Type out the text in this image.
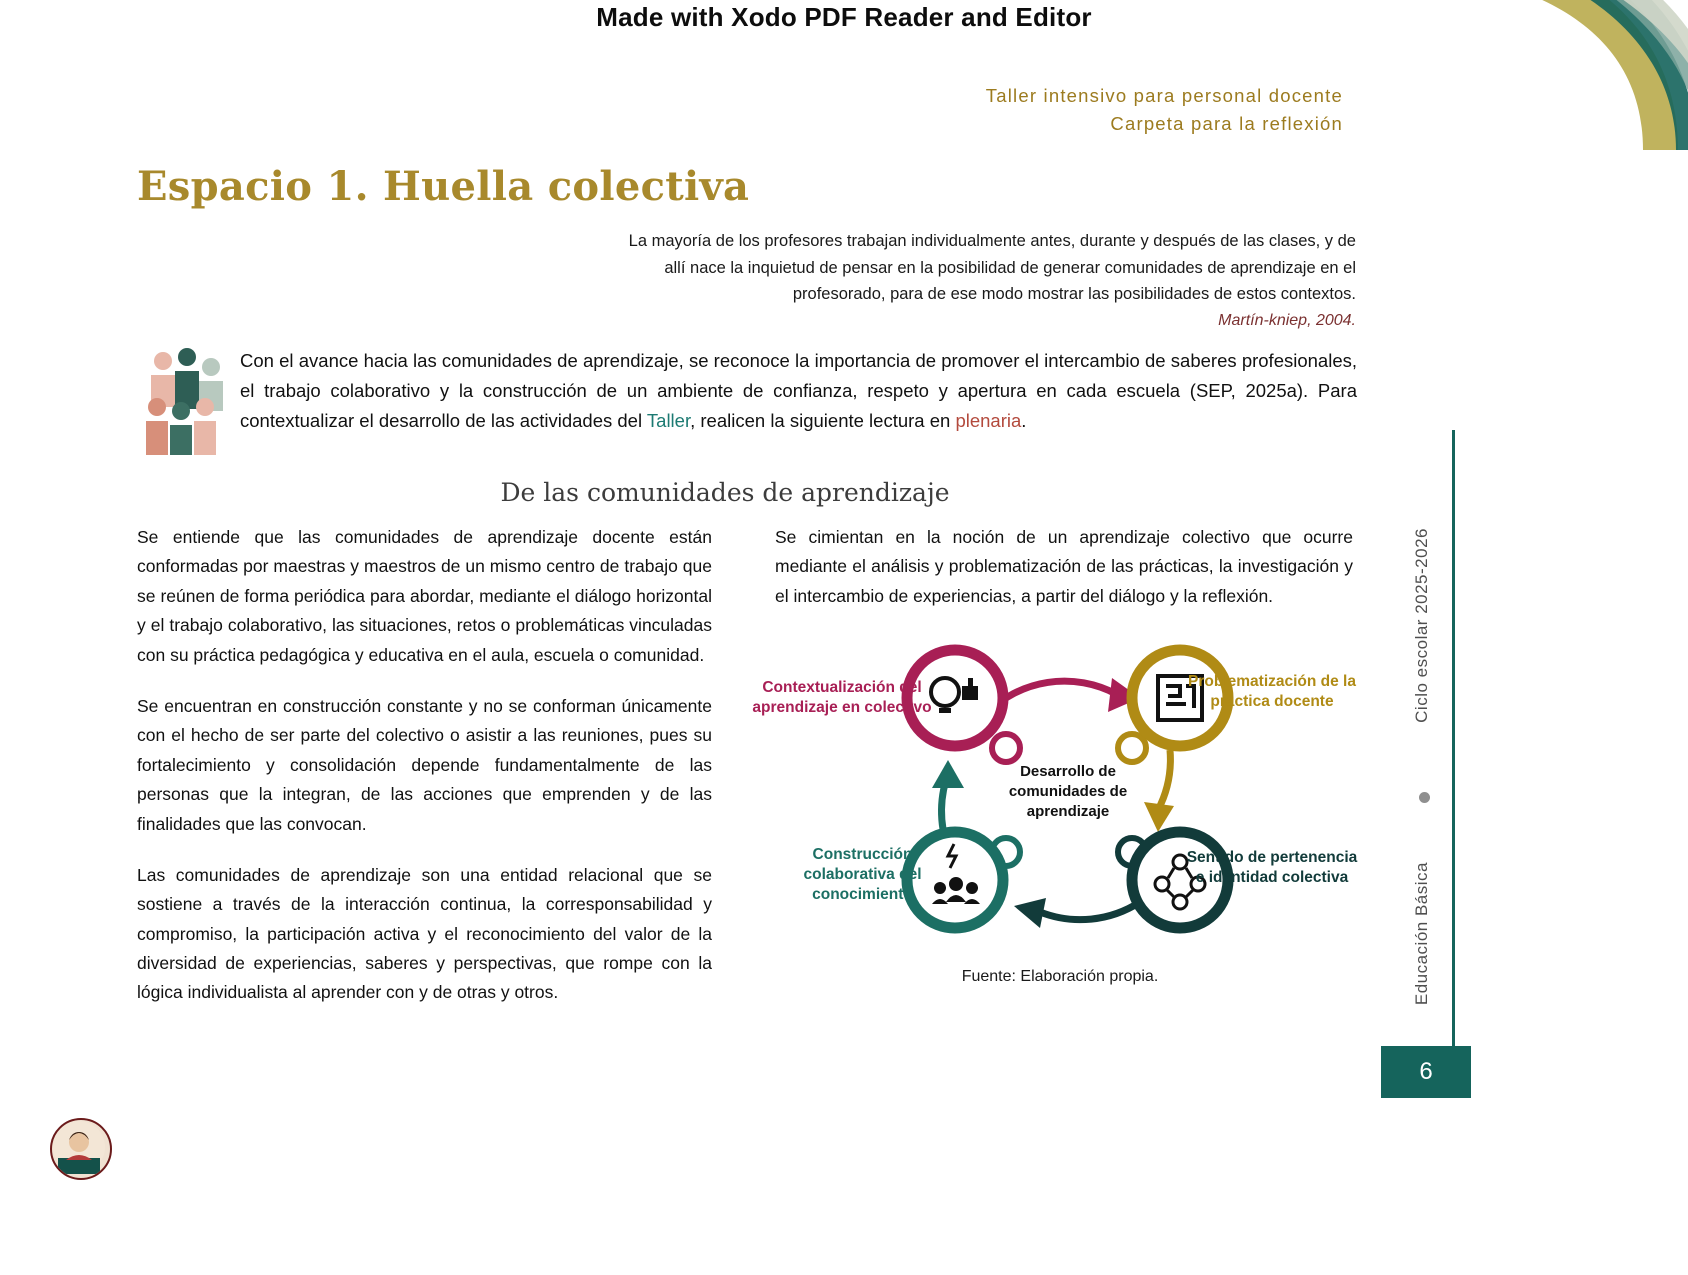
Made with Xodo PDF Reader and Editor
Taller intensivo para personal docente
Carpeta para la reflexión
Espacio 1. Huella colectiva
La mayoría de los profesores trabajan individualmente antes, durante y después de las clases, y de allí nace la inquietud de pensar en la posibilidad de generar comunidades de aprendizaje en el profesorado, para de ese modo mostrar las posibilidades de estos contextos.
Martín-kniep, 2004.
Con el avance hacia las comunidades de aprendizaje, se reconoce la importancia de promover el intercambio de saberes profesionales, el trabajo colaborativo y la construcción de un ambiente de confianza, respeto y apertura en cada escuela (SEP, 2025a). Para contextualizar el desarrollo de las actividades del Taller, realicen la siguiente lectura en plenaria.
De las comunidades de aprendizaje

Se entiende que las comunidades de aprendizaje docente están conformadas por maestras y maestros de un mismo centro de trabajo que se reúnen de forma periódica para abordar, mediante el diálogo horizontal y el trabajo colaborativo, las situaciones, retos o problemáticas vinculadas con su práctica pedagógica y educativa en el aula, escuela o comunidad.

Se encuentran en construcción constante y no se conforman únicamente con el hecho de ser parte del colectivo o asistir a las reuniones, pues su fortalecimiento y consolidación depende fundamentalmente de las personas que la integran, de las acciones que emprenden y de las finalidades que las convocan.

Las comunidades de aprendizaje son una entidad relacional que se sostiene a través de la interacción continua, la corresponsabilidad y compromiso, la participación activa y el reconocimiento del valor de la diversidad de experiencias, saberes y perspectivas, que rompe con la lógica individualista al aprender con y de otras y otros.

Se cimientan en la noción de un aprendizaje colectivo que ocurre mediante el análisis y problematización de las prácticas, la investigación y el intercambio de experiencias, a partir del diálogo y la reflexión.

Desarrollo de
comunidades de
aprendizaje
Contextualización del aprendizaje en colectivo
Problematización de la práctica docente
Sentido de pertenencia e identidad colectiva
Construcción colaborativa del conocimiento
Fuente: Elaboración propia.
Ciclo escolar 2025-2026
Educación Básica
6
